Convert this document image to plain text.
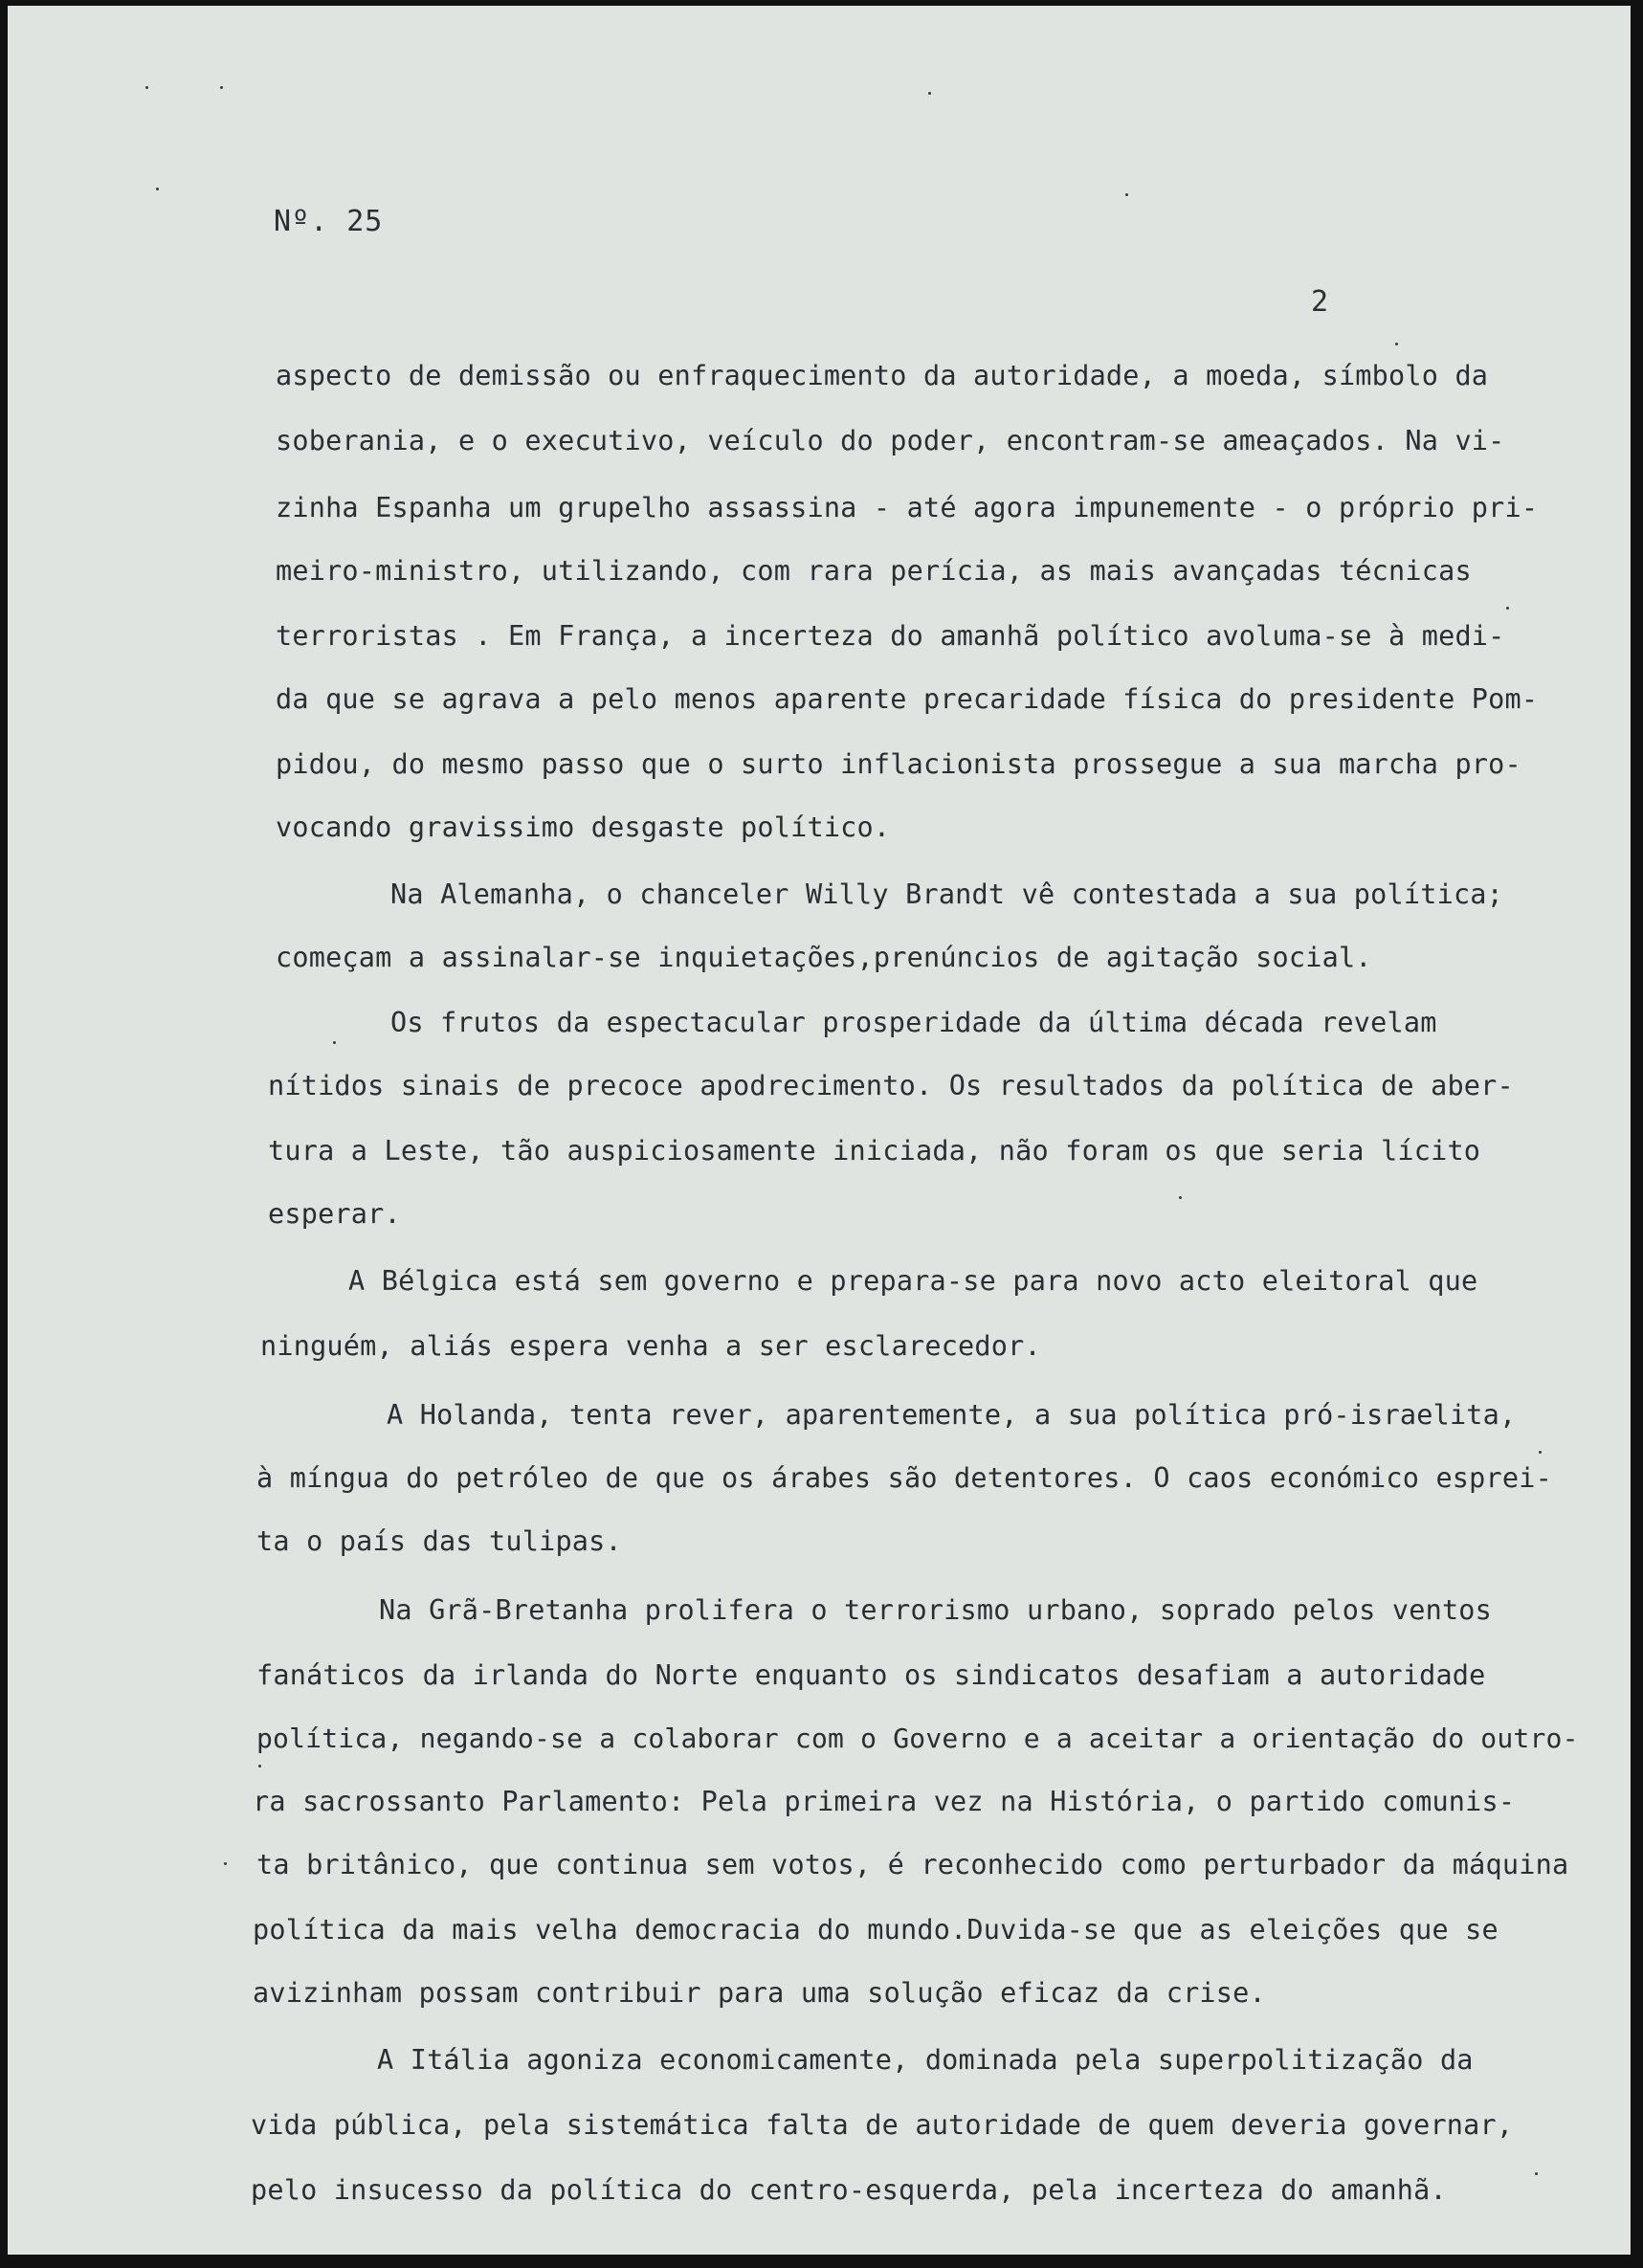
Nº. 25
2
aspecto de demissão ou enfraquecimento da autoridade, a moeda, símbolo da
soberania, e o executivo, veículo do poder, encontram-se ameaçados. Na vi-
zinha Espanha um grupelho assassina - até agora impunemente - o próprio pri-
meiro-ministro, utilizando, com rara perícia, as mais avançadas técnicas
terroristas . Em França, a incerteza do amanhã político avoluma-se à medi-
da que se agrava a pelo menos aparente precaridade física do presidente Pom-
pidou, do mesmo passo que o surto inflacionista prossegue a sua marcha pro-
vocando gravissimo desgaste político.
Na Alemanha, o chanceler Willy Brandt vê contestada a sua política;
começam a assinalar-se inquietações,prenúncios de agitação social.
Os frutos da espectacular prosperidade da última década revelam
nítidos sinais de precoce apodrecimento. Os resultados da política de aber-
tura a Leste, tão auspiciosamente iniciada, não foram os que seria lícito
esperar.
A Bélgica está sem governo e prepara-se para novo acto eleitoral que
ninguém, aliás espera venha a ser esclarecedor.
A Holanda, tenta rever, aparentemente, a sua política pró-israelita,
à míngua do petróleo de que os árabes são detentores. O caos económico esprei-
ta o país das tulipas.
Na Grã-Bretanha prolifera o terrorismo urbano, soprado pelos ventos
fanáticos da irlanda do Norte enquanto os sindicatos desafiam a autoridade
política, negando-se a colaborar com o Governo e a aceitar a orientação do outro-
ra sacrossanto Parlamento: Pela primeira vez na História, o partido comunis-
ta britânico, que continua sem votos, é reconhecido como perturbador da máquina
política da mais velha democracia do mundo.Duvida-se que as eleições que se
avizinham possam contribuir para uma solução eficaz da crise.
A Itália agoniza economicamente, dominada pela superpolitização da
vida pública, pela sistemática falta de autoridade de quem deveria governar,
pelo insucesso da política do centro-esquerda, pela incerteza do amanhã.
